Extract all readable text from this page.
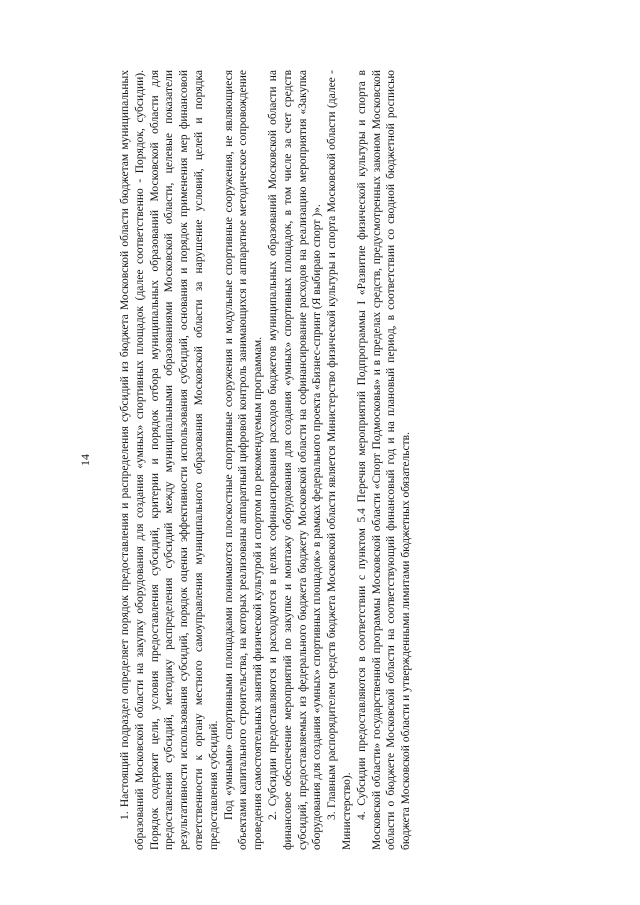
14 1. Настоящий подраздел определяет порядок предоставления и распределения субсидий из бюджета Московской области бюджетам муниципальных образований Московской области на закупку оборудования для создания «умных» спортивных площадок (далее соответственно - Порядок, субсидии). Порядок содержит цели, условия предоставления субсидий, критерии и порядок отбора муниципальных образований Московской области для предоставления субсидий, методику распределения субсидий между муниципальными образованиями Московской области, целевые показатели результативности использования субсидий, порядок оценки эффективности использования субсидий, основания и порядок применения мер финансовой ответственности к органу местного самоуправления муниципального образования Московской области за нарушение условий, целей и порядка предоставления субсидий. Под «умными» спортивными площадками понимаются плоскостные спортивные сооружения и модульные спортивные сооружения, не являющиеся объектами капитального строительства, на которых реализованы аппаратный цифровой контроль занимающихся и аппаратное методическое сопровождение проведения самостоятельных занятий физической культурой и спортом по рекомендуемым программам. 2. Субсидии предоставляются и расходуются в целях софинансирования расходов бюджетов муниципальных образований Московской области на финансовое обеспечение мероприятий по закупке и монтажу оборудования для создания «умных» спортивных площадок, в том числе за счет средств субсидий, предоставляемых из федерального бюджета бюджету Московской области на софинансирование расходов на реализацию мероприятия «Закупка оборудования для создания «умных» спортивных площадок» в рамках федерального проекта «Бизнес-спринт (Я выбираю спорт )». 3. Главным распорядителем средств бюджета Московской области является Министерство физической культуры и спорта Московской области (далее - Министерство). 4. Субсидии предоставляются в соответствии с пунктом 5.4 Перечня мероприятий Подпрограммы I «Развитие физической культуры и спорта в Московской области» государственной программы Московской области «Спорт Подмосковья» и в пределах средств, предусмотренных законом Московской области о бюджете Московской области на соответствующий финансовый год и на плановый период, в соответствии со сводной бюджетной росписью бюджета Московской области и утвержденными лимитами бюджетных обязательств.
